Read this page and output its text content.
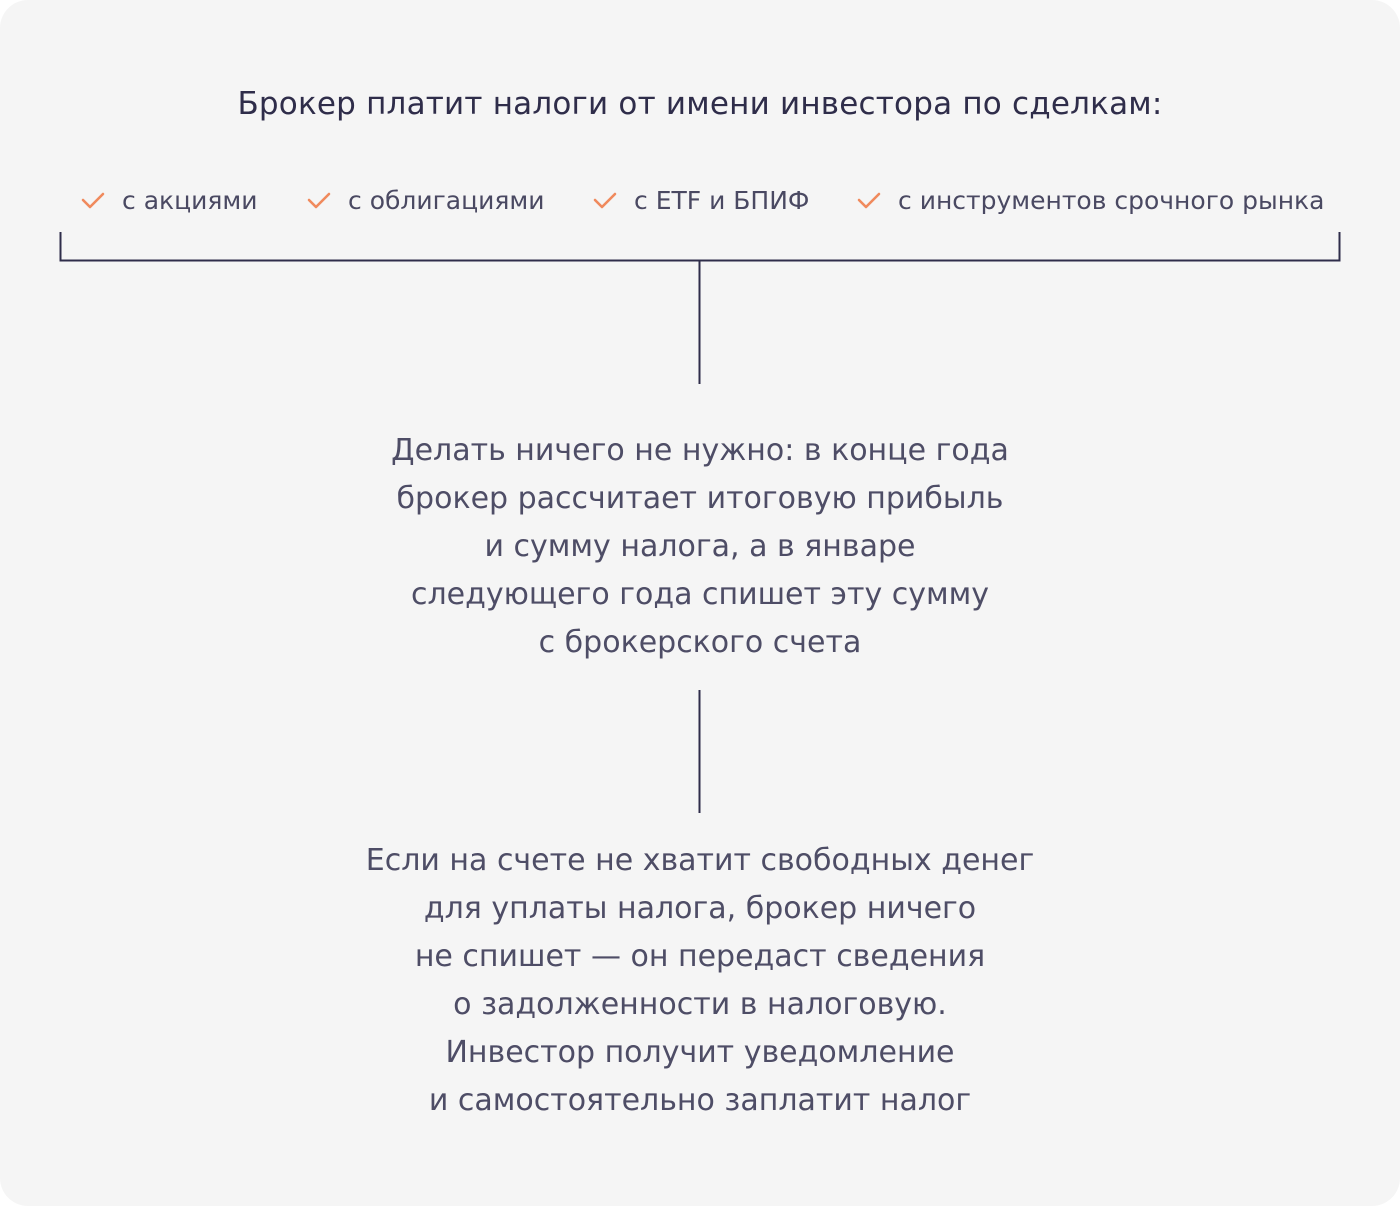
Брокер платит налоги от имени инвестора по сделкам:
с акциями	с облигациями	с ETF и БПИФ	с инструментов срочного рынка
Делать ничего не нужно: в конце года
брокер рассчитает итоговую прибыль
и сумму налога, а в январе
следующего года спишет эту сумму
с брокерского счета
Если на счете не хватит свободных денег
для уплаты налога, брокер ничего
не спишет — он передаст сведения
о задолженности в налоговую.
Инвестор получит уведомление
и самостоятельно заплатит налог
